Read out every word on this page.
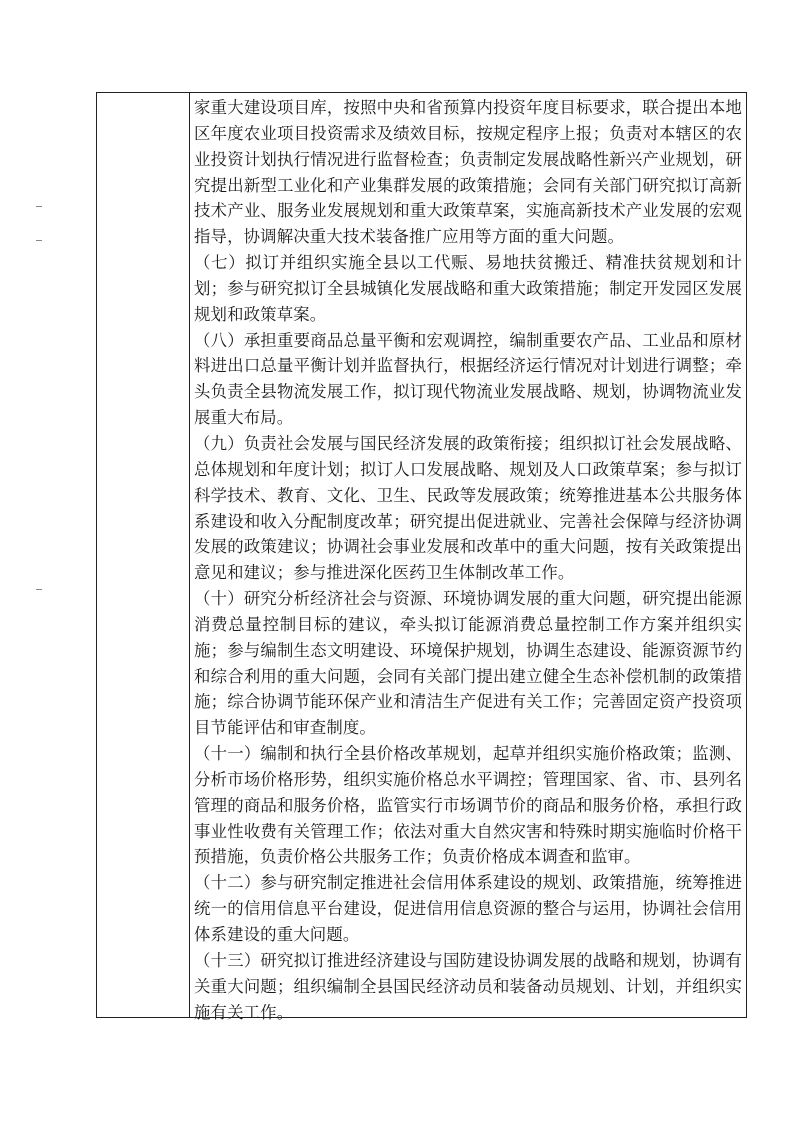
家重大建设项目库，按照中央和省预算内投资年度目标要求，联合提出本地区年度农业项目投资需求及绩效目标，按规定程序上报；负责对本辖区的农业投资计划执行情况进行监督检查；负责制定发展战略性新兴产业规划，研究提出新型工业化和产业集群发展的政策措施；会同有关部门研究拟订高新技术产业、服务业发展规划和重大政策草案，实施高新技术产业发展的宏观指导，协调解决重大技术装备推广应用等方面的重大问题。

（七）拟订并组织实施全县以工代赈、易地扶贫搬迁、精准扶贫规划和计划；参与研究拟订全县城镇化发展战略和重大政策措施；制定开发园区发展规划和政策草案。

（八）承担重要商品总量平衡和宏观调控，编制重要农产品、工业品和原材料进出口总量平衡计划并监督执行，根据经济运行情况对计划进行调整；牵头负责全县物流发展工作，拟订现代物流业发展战略、规划，协调物流业发展重大布局。

（九）负责社会发展与国民经济发展的政策衔接；组织拟订社会发展战略、总体规划和年度计划；拟订人口发展战略、规划及人口政策草案；参与拟订科学技术、教育、文化、卫生、民政等发展政策；统筹推进基本公共服务体系建设和收入分配制度改革；研究提出促进就业、完善社会保障与经济协调发展的政策建议；协调社会事业发展和改革中的重大问题，按有关政策提出意见和建议；参与推进深化医药卫生体制改革工作。

（十）研究分析经济社会与资源、环境协调发展的重大问题，研究提出能源消费总量控制目标的建议，牵头拟订能源消费总量控制工作方案并组织实施；参与编制生态文明建设、环境保护规划，协调生态建设、能源资源节约和综合利用的重大问题，会同有关部门提出建立健全生态补偿机制的政策措施；综合协调节能环保产业和清洁生产促进有关工作；完善固定资产投资项目节能评估和审查制度。

（十一）编制和执行全县价格改革规划，起草并组织实施价格政策；监测、分析市场价格形势，组织实施价格总水平调控；管理国家、省、市、县列名管理的商品和服务价格，监管实行市场调节价的商品和服务价格，承担行政事业性收费有关管理工作；依法对重大自然灾害和特殊时期实施临时价格干预措施，负责价格公共服务工作；负责价格成本调查和监审。

（十二）参与研究制定推进社会信用体系建设的规划、政策措施，统筹推进统一的信用信息平台建设，促进信用信息资源的整合与运用，协调社会信用体系建设的重大问题。

（十三）研究拟订推进经济建设与国防建设协调发展的战略和规划，协调有关重大问题；组织编制全县国民经济动员和装备动员规划、计划，并组织实施有关工作。
